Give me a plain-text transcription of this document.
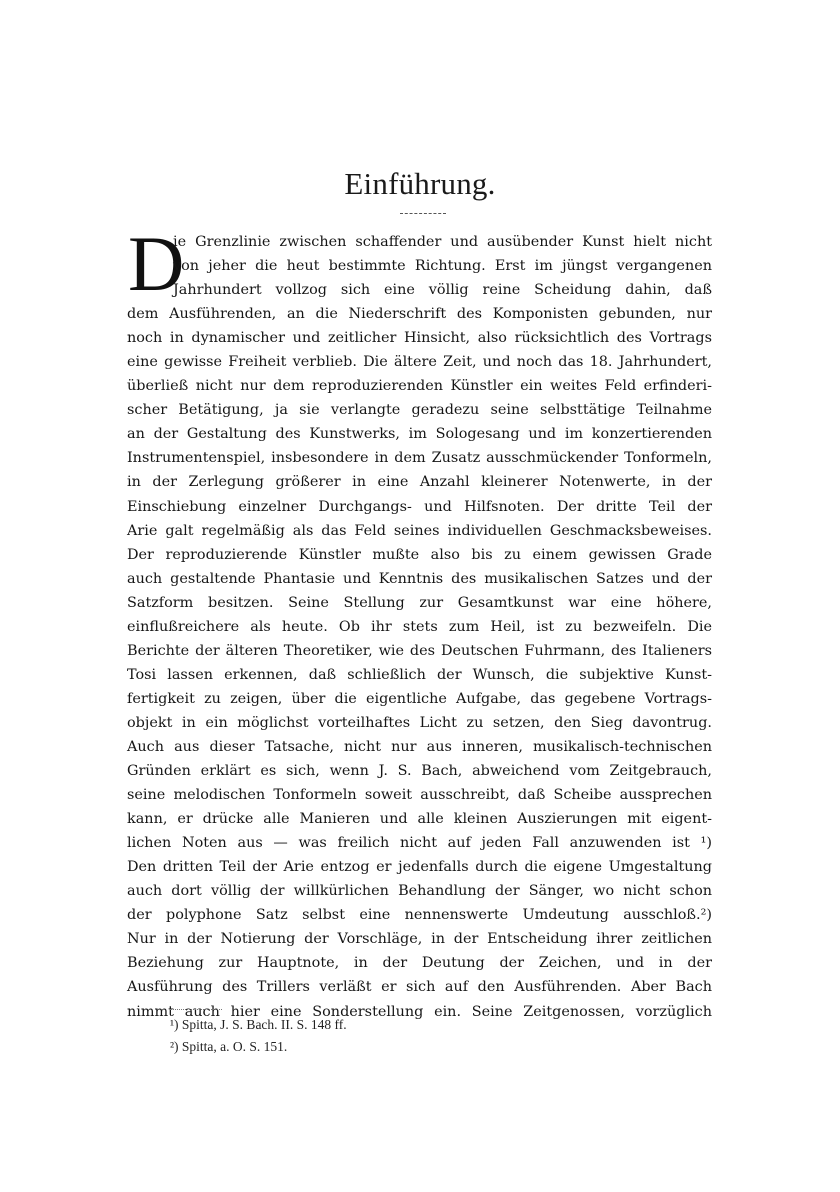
Einführung.
D
ie Grenzlinie zwischen schaffender und ausübender Kunst hielt nicht
von jeher die heut bestimmte Richtung. Erst im jüngst vergangenen
Jahrhundert vollzog sich eine völlig reine Scheidung dahin, daß
dem Ausführenden, an die Niederschrift des Komponisten gebunden, nur
noch in dynamischer und zeitlicher Hinsicht, also rücksichtlich des Vortrags
eine gewisse Freiheit verblieb. Die ältere Zeit, und noch das 18. Jahrhundert,
überließ nicht nur dem reproduzierenden Künstler ein weites Feld erfinderi-
scher Betätigung, ja sie verlangte geradezu seine selbsttätige Teilnahme
an der Gestaltung des Kunstwerks, im Sologesang und im konzertierenden
Instrumentenspiel, insbesondere in dem Zusatz ausschmückender Tonformeln,
in der Zerlegung größerer in eine Anzahl kleinerer Notenwerte, in der
Einschiebung einzelner Durchgangs- und Hilfsnoten. Der dritte Teil der
Arie galt regelmäßig als das Feld seines individuellen Geschmacksbeweises.
Der reproduzierende Künstler mußte also bis zu einem gewissen Grade
auch gestaltende Phantasie und Kenntnis des musikalischen Satzes und der
Satzform besitzen. Seine Stellung zur Gesamtkunst war eine höhere,
einflußreichere als heute. Ob ihr stets zum Heil, ist zu bezweifeln. Die
Berichte der älteren Theoretiker, wie des Deutschen Fuhrmann, des Italieners
Tosi lassen erkennen, daß schließlich der Wunsch, die subjektive Kunst-
fertigkeit zu zeigen, über die eigentliche Aufgabe, das gegebene Vortrags-
objekt in ein möglichst vorteilhaftes Licht zu setzen, den Sieg davontrug.
Auch aus dieser Tatsache, nicht nur aus inneren, musikalisch-technischen
Gründen erklärt es sich, wenn J. S. Bach, abweichend vom Zeitgebrauch,
seine melodischen Tonformeln soweit ausschreibt, daß Scheibe aussprechen
kann, er drücke alle Manieren und alle kleinen Auszierungen mit eigent-
lichen Noten aus — was freilich nicht auf jeden Fall anzuwenden ist ¹)
Den dritten Teil der Arie entzog er jedenfalls durch die eigene Umgestaltung
auch dort völlig der willkürlichen Behandlung der Sänger, wo nicht schon
der polyphone Satz selbst eine nennenswerte Umdeutung ausschloß.²)
Nur in der Notierung der Vorschläge, in der Entscheidung ihrer zeitlichen
Beziehung zur Hauptnote, in der Deutung der Zeichen, und in der
Ausführung des Trillers verläßt er sich auf den Ausführenden. Aber Bach
nimmt auch hier eine Sonderstellung ein. Seine Zeitgenossen, vorzüglich
¹) Spitta, J. S. Bach. II. S. 148 ff.
²) Spitta, a. O. S. 151.
